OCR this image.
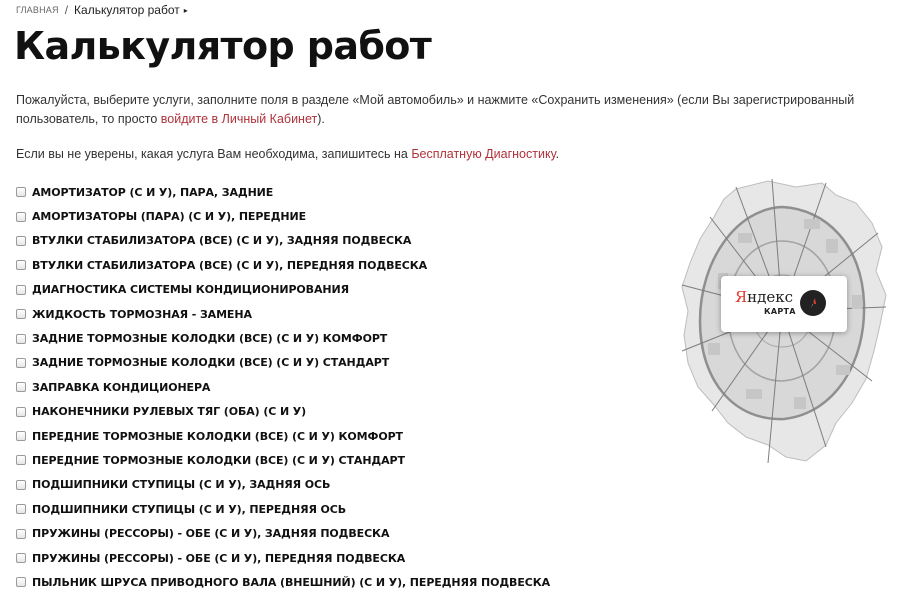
ГЛАВНАЯ / Калькулятор работ ▸
Калькулятор работ
Пожалуйста, выберите услуги, заполните поля в разделе «Мой автомобиль» и нажмите «Сохранить изменения» (если Вы зарегистрированный пользователь, то просто войдите в Личный Кабинет).
Если вы не уверены, какая услуга Вам необходима, запишитесь на Бесплатную Диагностику.
АМОРТИЗАТОР (С И У), ПАРА, ЗАДНИЕ
АМОРТИЗАТОРЫ (ПАРА) (С И У), ПЕРЕДНИЕ
ВТУЛКИ СТАБИЛИЗАТОРА (ВСЕ) (С И У), ЗАДНЯЯ ПОДВЕСКА
ВТУЛКИ СТАБИЛИЗАТОРА (ВСЕ) (С И У), ПЕРЕДНЯЯ ПОДВЕСКА
ДИАГНОСТИКА СИСТЕМЫ КОНДИЦИОНИРОВАНИЯ
ЖИДКОСТЬ ТОРМОЗНАЯ - ЗАМЕНА
ЗАДНИЕ ТОРМОЗНЫЕ КОЛОДКИ (ВСЕ) (С И У) КОМФОРТ
ЗАДНИЕ ТОРМОЗНЫЕ КОЛОДКИ (ВСЕ) (С И У) СТАНДАРТ
ЗАПРАВКА КОНДИЦИОНЕРА
НАКОНЕЧНИКИ РУЛЕВЫХ ТЯГ (ОБА) (С И У)
ПЕРЕДНИЕ ТОРМОЗНЫЕ КОЛОДКИ (ВСЕ) (С И У) КОМФОРТ
ПЕРЕДНИЕ ТОРМОЗНЫЕ КОЛОДКИ (ВСЕ) (С И У) СТАНДАРТ
ПОДШИПНИКИ СТУПИЦЫ (С И У), ЗАДНЯЯ ОСЬ
ПОДШИПНИКИ СТУПИЦЫ (С И У), ПЕРЕДНЯЯ ОСЬ
ПРУЖИНЫ (РЕССОРЫ) - ОБЕ (С И У), ЗАДНЯЯ ПОДВЕСКА
ПРУЖИНЫ (РЕССОРЫ) - ОБЕ (С И У), ПЕРЕДНЯЯ ПОДВЕСКА
ПЫЛЬНИК ШРУСА ПРИВОДНОГО ВАЛА (ВНЕШНИЙ) (С И У), ПЕРЕДНЯЯ ПОДВЕСКА
Яндекс
КАРТА
